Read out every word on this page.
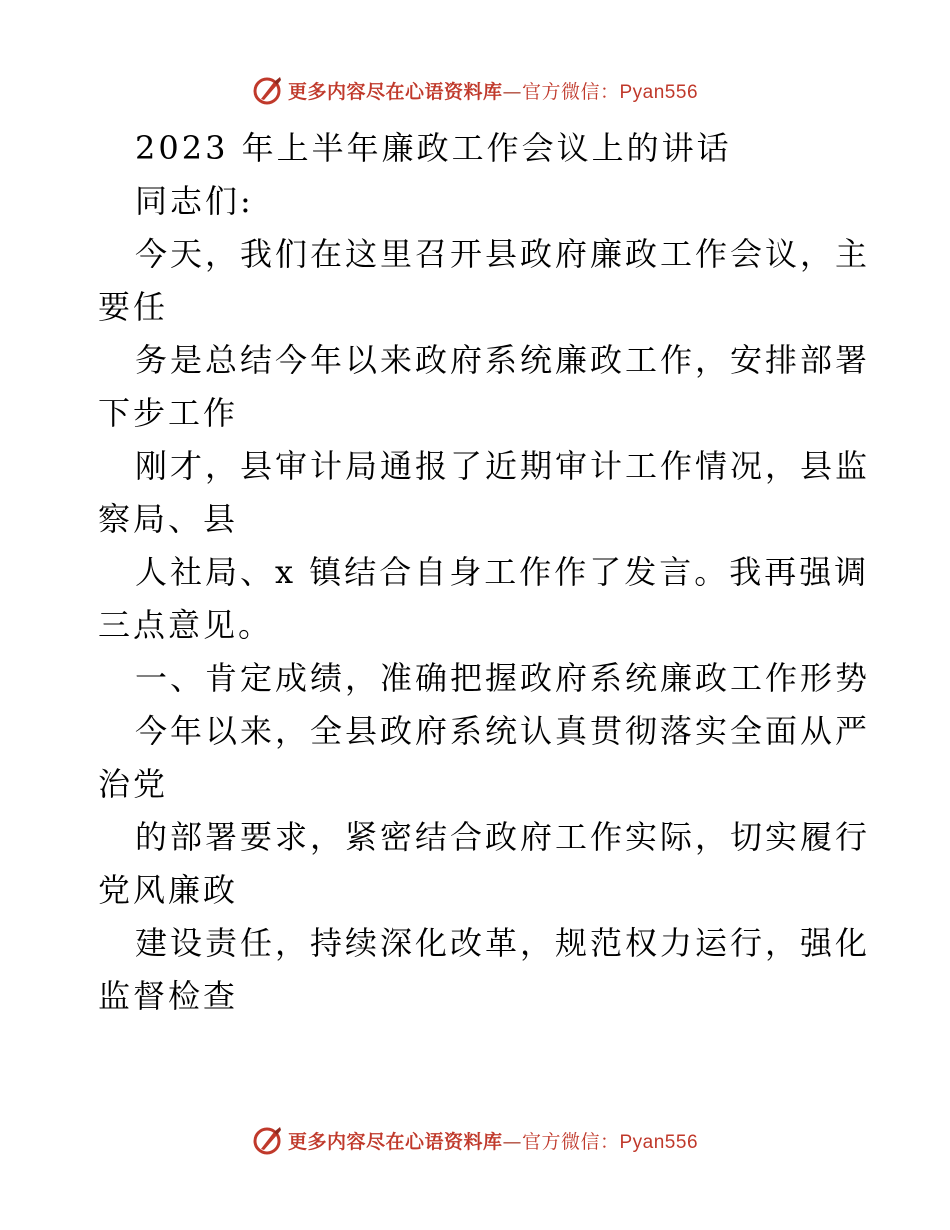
更多内容尽在心语资料库—官方微信：Pyan556
2023 年上半年廉政工作会议上的讲话
同志们:
今天，我们在这里召开县政府廉政工作会议，主
要任
务是总结今年以来政府系统廉政工作，安排部署
下步工作
刚才，县审计局通报了近期审计工作情况，县监
察局、县
人社局、x 镇结合自身工作作了发言。我再强调
三点意见。
一、肯定成绩，准确把握政府系统廉政工作形势
今年以来，全县政府系统认真贯彻落实全面从严
治党
的部署要求，紧密结合政府工作实际，切实履行
党风廉政
建设责任，持续深化改革，规范权力运行，强化
监督检查
更多内容尽在心语资料库—官方微信：Pyan556
